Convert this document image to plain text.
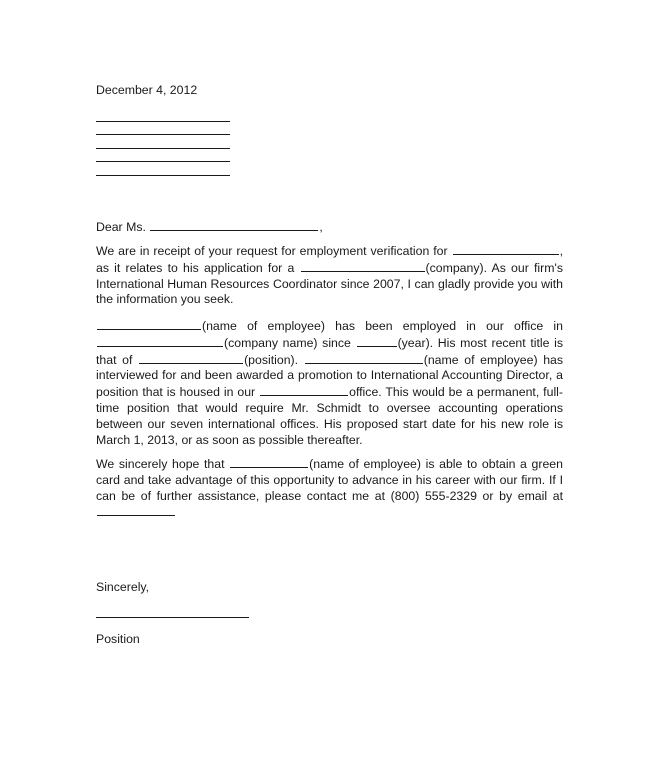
December 4, 2012
Dear Ms.	,

We are in receipt of your request for employment verification for	, as it relates to his application for a	(company). As our firm's International Human Resources Coordinator since 2007, I can gladly provide you with the information you seek.

(name of employee) has been employed in our office in (company name) since	(year). His most recent title is that of	(position).	(name of employee) has interviewed for and been awarded a promotion to International Accounting Director, a position that is housed in our	office. This would be a permanent, full-time position that would require Mr. Schmidt to oversee accounting operations between our seven international offices. His proposed start date for his new role is March 1, 2013, or as soon as possible thereafter.

We sincerely hope that	(name of employee) is able to obtain a green card and take advantage of this opportunity to advance in his career with our firm. If I can be of further assistance, please contact me at (800) 555-2329 or by email at

Sincerely,
Position
